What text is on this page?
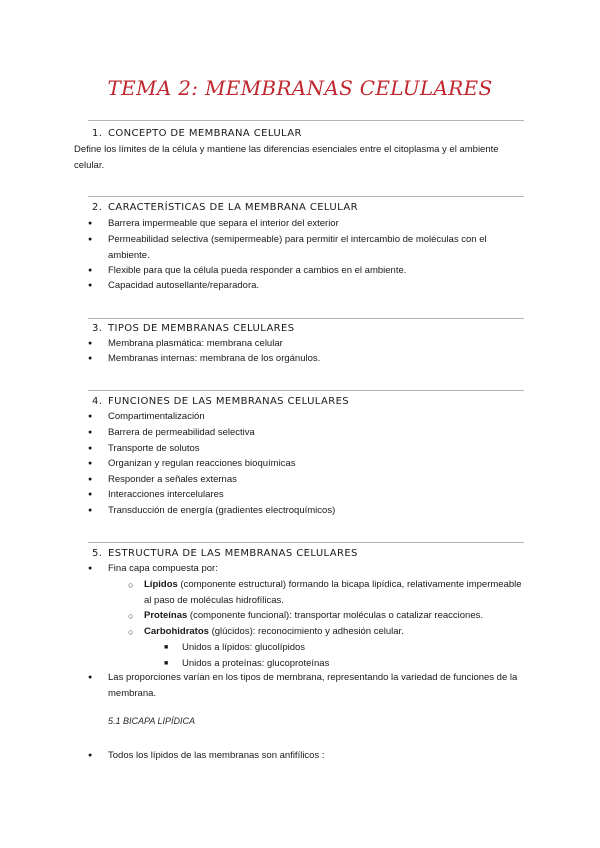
TEMA 2: MEMBRANAS CELULARES
1. CONCEPTO DE MEMBRANA CELULAR
Define los límites de la célula y mantiene las diferencias esenciales entre el citoplasma y el ambiente celular.
2. CARACTERÍSTICAS DE LA MEMBRANA CELULAR
● Barrera impermeable que separa el interior del exterior
● Permeabilidad selectiva (semipermeable) para permitir el intercambio de moléculas con el ambiente.
● Flexible para que la célula pueda responder a cambios en el ambiente.
● Capacidad autosellante/reparadora.
3. TIPOS DE MEMBRANAS CELULARES
● Membrana plasmática: membrana celular
● Membranas internas: membrana de los orgánulos.
4. FUNCIONES DE LAS MEMBRANAS CELULARES
● Compartimentalización
● Barrera de permeabilidad selectiva
● Transporte de solutos
● Organizan y regulan reacciones bioquímicas
● Responder a señales externas
● Interacciones intercelulares
● Transducción de energía (gradientes electroquímicos)
5. ESTRUCTURA DE LAS MEMBRANAS CELULARES
● Fina capa compuesta por:
○ Lípidos (componente estructural) formando la bicapa lipídica, relativamente impermeable al paso de moléculas hidrofílicas.
○ Proteínas (componente funcional): transportar moléculas o catalizar reacciones.
○ Carbohidratos (glúcidos): reconocimiento y adhesión celular.
■ Unidos a lípidos: glucolípidos
■ Unidos a proteínas: glucoproteínas
● Las proporciones varían en los tipos de membrana, representando la variedad de funciones de la membrana.
5.1 BICAPA LIPÍDICA
● Todos los lípidos de las membranas son anfifílicos :
